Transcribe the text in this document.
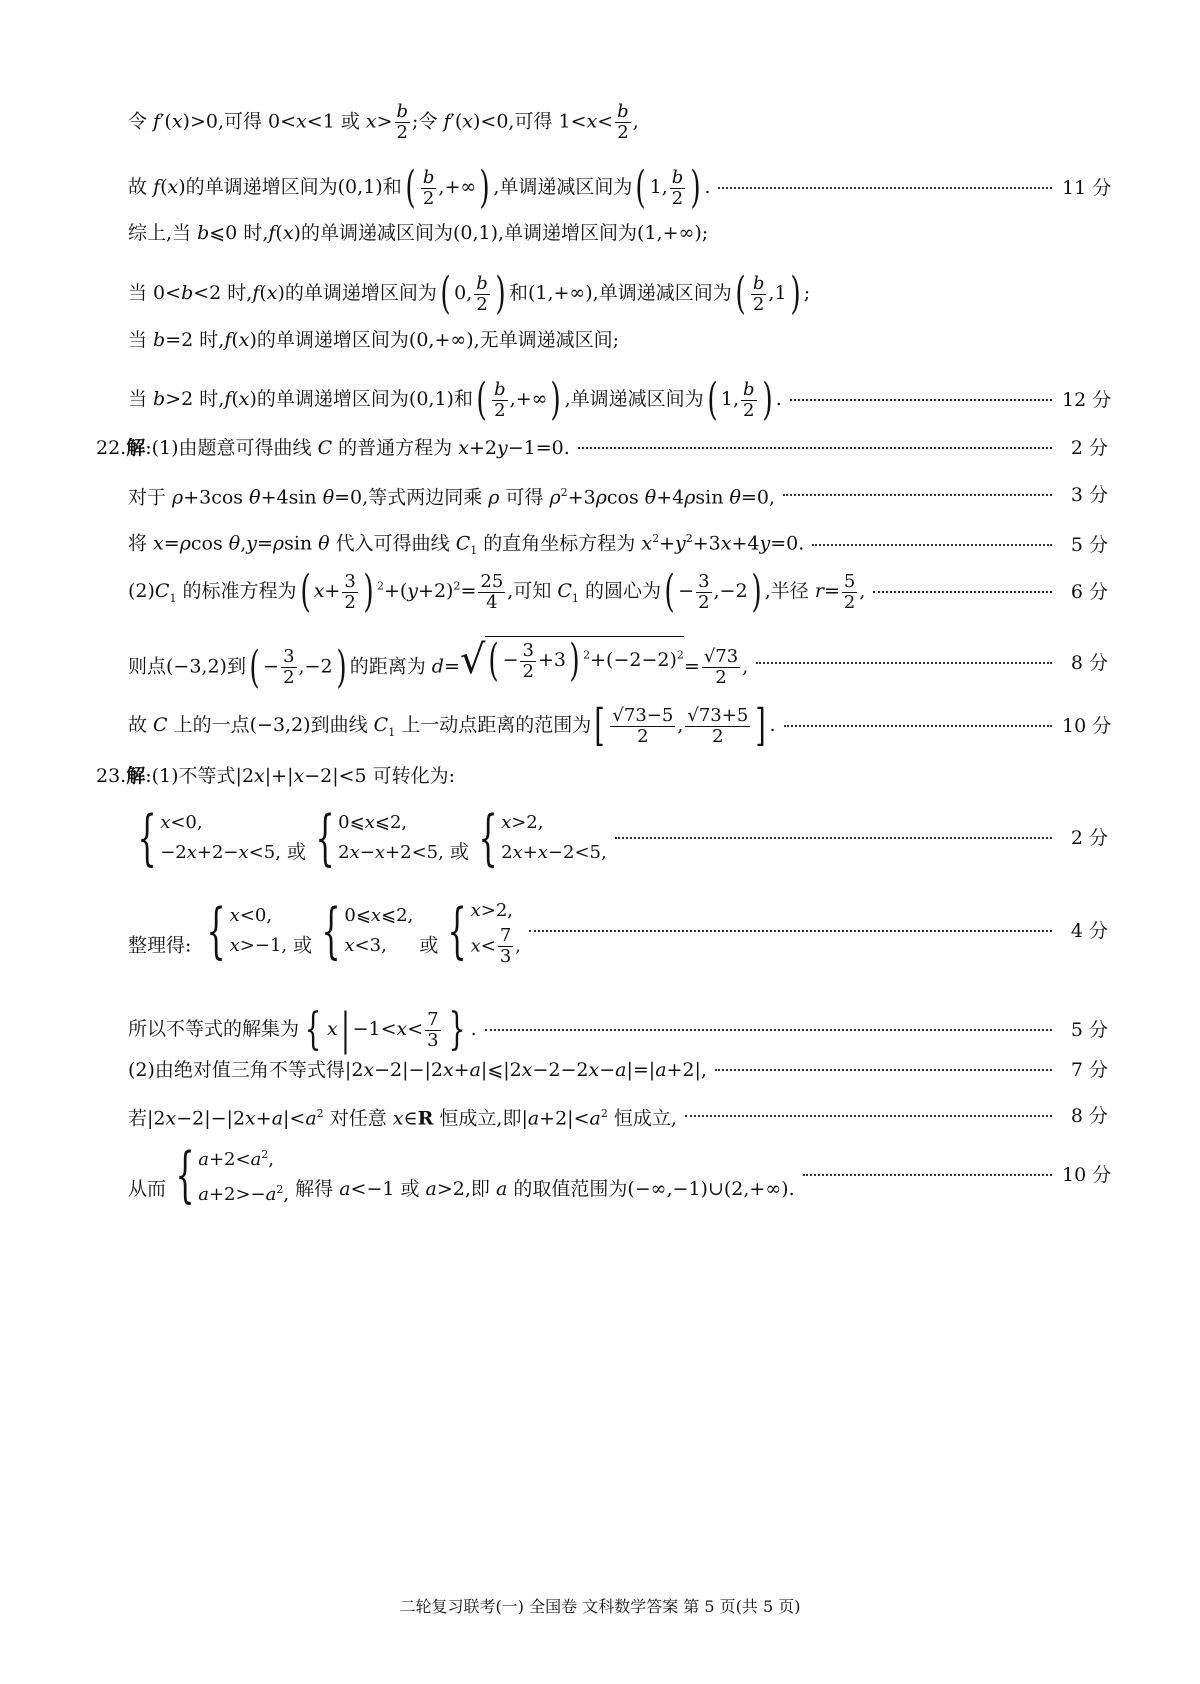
令 f′(x)>0,可得 0<x<1 或 $x> \frac{b}{2}$ ;令 f′(x)<0,可得 $1<x< \frac{b}{2}$ ,
故 f(x)的单调递增区间为(0,1)和( $\frac{b}{2}$ ,+∞) ,单调递减区间为( 1, $\frac{b}{2}$ ) .	11 分
综上,当 b⩽0 时,f(x)的单调递减区间为(0,1),单调递增区间为(1,+∞);
当 0<b<2 时,f(x)的单调递增区间为( 0, $\frac{b}{2}$ ) 和(1,+∞),单调递减区间为( $\frac{b}{2} ,1$) ;
当 b=2 时,f(x)的单调递增区间为(0,+∞),无单调递减区间;
当 b>2 时,f(x)的单调递增区间为(0,1)和( $\frac{b}{2}$ ,+∞) ,单调递减区间为( 1, $\frac{b}{2}$ ) .	12 分
22.解:(1)由题意可得曲线 C 的普通方程为 x+2y−1=0.	2 分
对于 ρ+3cos θ+4sin θ=0,等式两边同乘 ρ 可得 $\rho^2+3\rho\cos$ θ+4ρsin θ=0,	3 分
将 x=ρcos θ,y=ρsin θ 代入可得曲线 $C_1$ 的直角坐标方程为 $x^2+y^2+3x+4y=0$.	5 分
$(2)C_1$ 的标准方程为( $x+ \frac{3}{2}$ ) $^2+(y+2)^2= \frac{25}{4}$ ,可知 $C_1$ 的圆心为( − $\frac{3}{2} ,-2$) ,半径 $r= \frac{5}{2}$ ,	6 分
则点(−3,2)到( − $\frac{3}{2} ,-2$) 的距离为 d= √ ( − $\frac{3}{2} +3$) $^2+(-2-2)^2$
= $\frac{√73}{2}$ ,	8 分
故 C 上的一点(−3,2)到曲线 $C_1$ 上一动点距离的范围为[ $\frac{√73-5}{2}$ , $\frac{√73+5}{2}$ ] .	10 分
23.解:(1)不等式|2x|+|x−2|<5 可转化为:
{ x<0,
−2x+2−x<5, 或 { 0⩽x⩽2,
2x−x+2<5, 或 { x>2,
2x+x−2<5,
2 分
整理得: { x<0,
x>−1, 或 { 0⩽x⩽2,
x<3,	或 { x>2,
$x< \frac{7}{3}$ ,
4 分
所以不等式的解集为 { $x| -1<x< \frac{7}{3}$ } .	5 分
(2)由绝对值三角不等式得|2x−2|−|2x+a|⩽|2x−2−2x−a|=|a+2|,	7 分
若$|2x-2|-|2x+a|<a^2$ 对任意 x∈R 恒成立,即$|a+2|<a^2$ 恒成立,	8 分
从而 { $a+2<a^2$,
$a+2>-a^2$, 解得 a<−1 或 a>2,即 a 的取值范围为(−∞,−1)∪(2,+∞).
10 分
二轮复习联考(一) 全国卷 文科数学答案 第 5 页(共 5 页)
